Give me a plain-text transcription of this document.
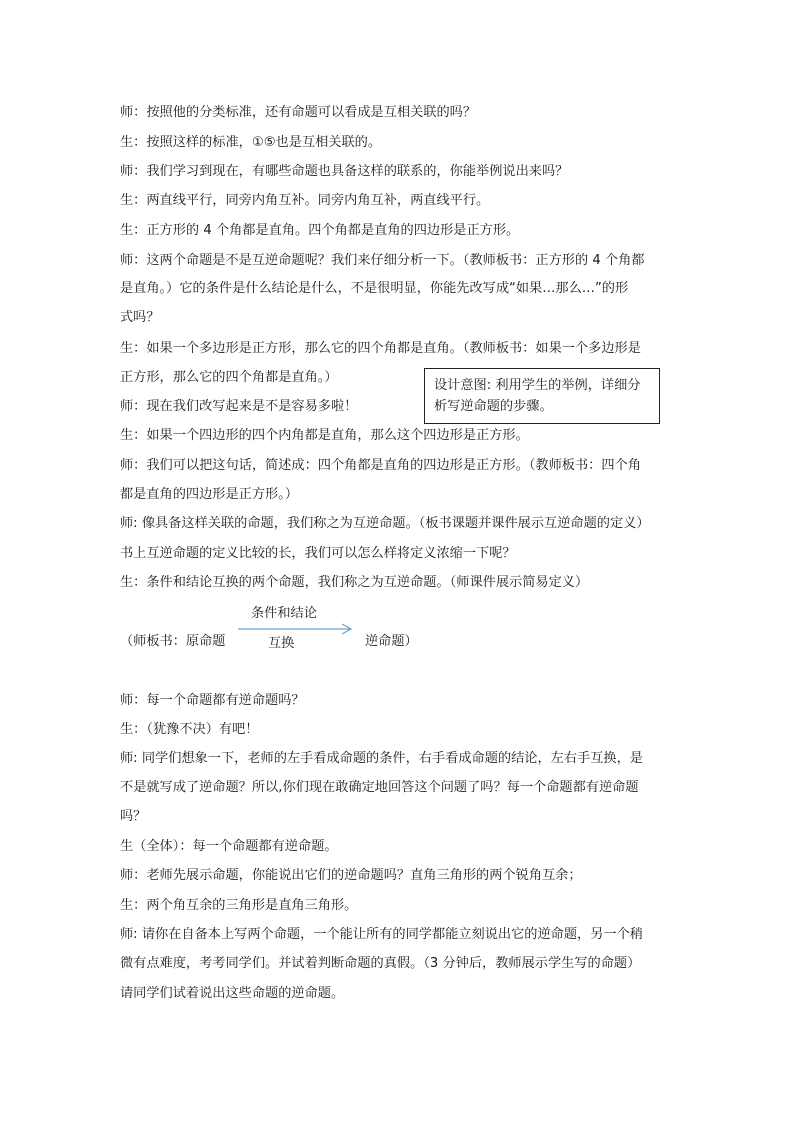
师：按照他的分类标准，还有命题可以看成是互相关联的吗？
生：按照这样的标准，①⑤也是互相关联的。
师：我们学习到现在，有哪些命题也具备这样的联系的，你能举例说出来吗？
生：两直线平行，同旁内角互补。同旁内角互补，两直线平行。
生：正方形的 4 个角都是直角。四个角都是直角的四边形是正方形。
师：这两个命题是不是互逆命题呢？我们来仔细分析一下。（教师板书：正方形的 4 个角都
是直角。）它的条件是什么结论是什么，不是很明显，你能先改写成“如果…那么…”的形
式吗？
生：如果一个多边形是正方形，那么它的四个角都是直角。（教师板书：如果一个多边形是
正方形，那么它的四个角都是直角。）
师：现在我们改写起来是不是容易多啦！
生：如果一个四边形的四个内角都是直角，那么这个四边形是正方形。
师：我们可以把这句话，简述成：四个角都是直角的四边形是正方形。（教师板书：四个角
都是直角的四边形是正方形。）
师: 像具备这样关联的命题，我们称之为互逆命题。（板书课题并课件展示互逆命题的定义）
书上互逆命题的定义比较的长，我们可以怎么样将定义浓缩一下呢？
生：条件和结论互换的两个命题，我们称之为互逆命题。（师课件展示简易定义）
设计意图: 利用学生的举例，详细分
析写逆命题的步骤。
（师板书：原命题
条件和结论
互换	逆命题）
师：每一个命题都有逆命题吗？
生：（犹豫不决）有吧！
师: 同学们想象一下，老师的左手看成命题的条件，右手看成命题的结论，左右手互换，是
不是就写成了逆命题？所以,你们现在敢确定地回答这个问题了吗？每一个命题都有逆命题
吗？
生（全体）：每一个命题都有逆命题。
师：老师先展示命题，你能说出它们的逆命题吗？直角三角形的两个锐角互余；
生：两个角互余的三角形是直角三角形。
师: 请你在自备本上写两个命题，一个能让所有的同学都能立刻说出它的逆命题，另一个稍
微有点难度，考考同学们。并试着判断命题的真假。（3 分钟后，教师展示学生写的命题）
请同学们试着说出这些命题的逆命题。
